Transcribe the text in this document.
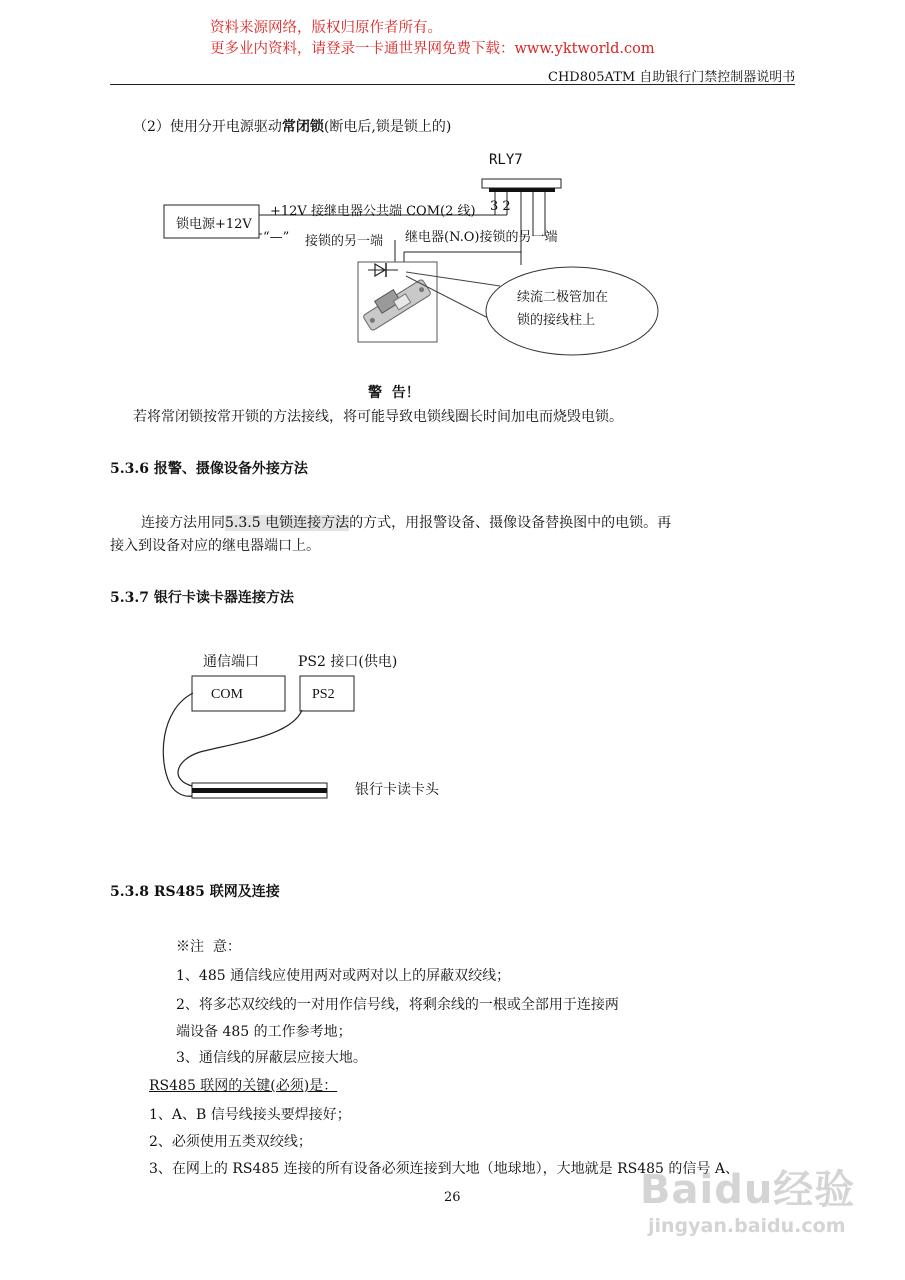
资料来源网络，版权归原作者所有。
更多业内资料，请登录一卡通世界网免费下载：www.yktworld.com
CHD805ATM 自助银行门禁控制器说明书
（2）使用分开电源驱动常闭锁(断电后,锁是锁上的)
RLY7
3 2
锁电源+12V
+12V 接继电器公共端 COM(2 线)
“—” 接锁的另一端 继电器(N.O)接锁的另一端
续流二极管加在
锁的接线柱上
警  告！
若将常闭锁按常开锁的方法接线，将可能导致电锁线圈长时间加电而烧毁电锁。
5.3.6 报警、摄像设备外接方法
连接方法用同5.3.5 电锁连接方法的方式，用报警设备、摄像设备替换图中的电锁。再
接入到设备对应的继电器端口上。
5.3.7 银行卡读卡器连接方法
通信端口	PS2 接口(供电)
COM	PS2
银行卡读卡头
5.3.8 RS485 联网及连接
※注  意：
1、485 通信线应使用两对或两对以上的屏蔽双绞线；
2、将多芯双绞线的一对用作信号线，将剩余线的一根或全部用于连接两
端设备 485 的工作参考地；
3、通信线的屏蔽层应接大地。
RS485 联网的关键(必须)是：
1、A、B 信号线接头要焊接好；
2、必须使用五类双绞线；
3、在网上的 RS485 连接的所有设备必须连接到大地（地球地），大地就是 RS485 的信号 A、
26	Baidu经验
jingyan.baidu.com
